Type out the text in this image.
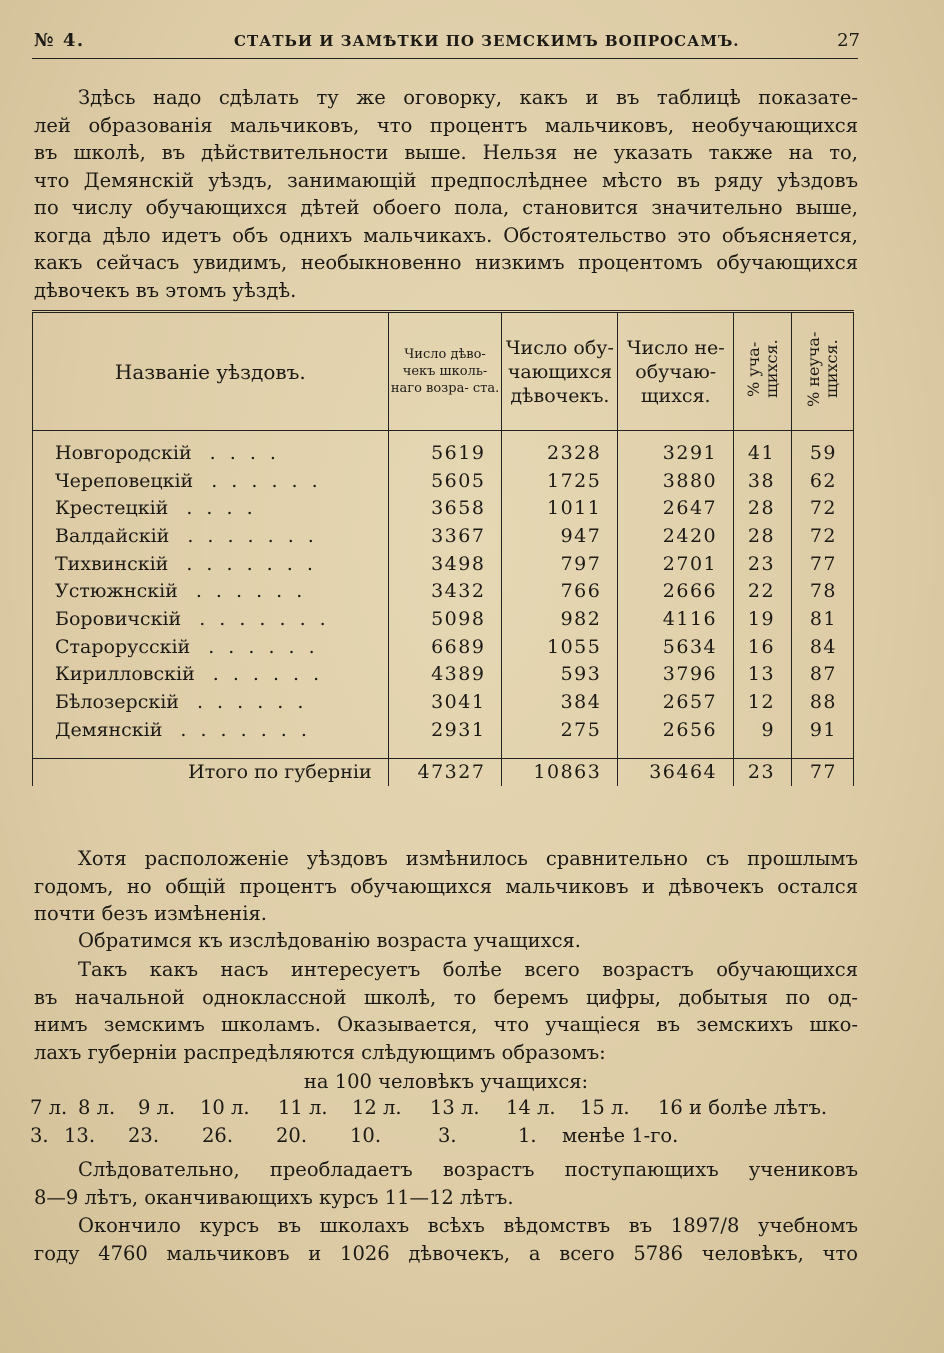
№ 4.	СТАТЬИ И ЗАМѢТКИ ПО ЗЕМСКИМЪ ВОПРОСАМЪ.	27
Здѣсь надо сдѣлать ту же оговорку, какъ и въ таблицѣ показате-
лей образованія мальчиковъ, что процентъ мальчиковъ, необучающихся
въ школѣ, въ дѣйствительности выше. Нельзя не указать также на то,
что Демянскій уѣздъ, занимающій предпослѣднее мѣсто въ ряду уѣздовъ
по числу обучающихся дѣтей обоего пола, становится значительно выше,
когда дѣло идетъ объ однихъ мальчикахъ. Обстоятельство это объясняется,
какъ сейчасъ увидимъ, необыкновенно низкимъ процентомъ обучающихся
дѣвочекъ въ этомъ уѣздѣ.
Названіе уѣздовъ.	Число дѣво- чекъ школь- наго возра- ста.	Число обу- чающихся дѣвочекъ.	Число не- обучаю- щихся.	% уча- щихся.	% неуча- щихся.
Новгородскій . . . .	5619	2328	3291	41	59
Череповецкій . . . . . .	5605	1725	3880	38	62
Крестецкій . . . .	3658	1011	2647	28	72
Валдайскій . . . . . . .	3367	947	2420	28	72
Тихвинскій . . . . . . .	3498	797	2701	23	77
Устюжнскій . . . . . .	3432	766	2666	22	78
Боровичскій . . . . . . .	5098	982	4116	19	81
Старорусскій . . . . . .	6689	1055	5634	16	84
Кирилловскій . . . . . .	4389	593	3796	13	87
Бѣлозерскій . . . . . .	3041	384	2657	12	88
Демянскій . . . . . . .	2931	275	2656	9	91

Итого по губерніи	47327	10863	36464	23	77
Хотя расположеніе уѣздовъ измѣнилось сравнительно съ прошлымъ
годомъ, но общій процентъ обучающихся мальчиковъ и дѣвочекъ остался
почти безъ измѣненія.
Обратимся къ изслѣдованію возраста учащихся.
Такъ какъ насъ интересуетъ болѣе всего возрастъ обучающихся
въ начальной одноклассной школѣ, то беремъ цифры, добытыя по од-
нимъ земскимъ школамъ. Оказывается, что учащіеся въ земскихъ шко-
лахъ губерніи распредѣляются слѣдующимъ образомъ:
на 100 человѣкъ учащихся:
7 л. 8 л. 9 л. 10 л. 11 л. 12 л. 13 л. 14 л. 15 л. 16 и болѣе лѣтъ.
3. 13. 23. 26. 20. 10.	3.	1. менѣе 1-го.
Слѣдовательно, преобладаетъ возрастъ поступающихъ учениковъ
8—9 лѣтъ, оканчивающихъ курсъ 11—12 лѣтъ.
Окончило курсъ въ школахъ всѣхъ вѣдомствъ въ 1897/8 учебномъ
году 4760 мальчиковъ и 1026 дѣвочекъ, а всего 5786 человѣкъ, что
